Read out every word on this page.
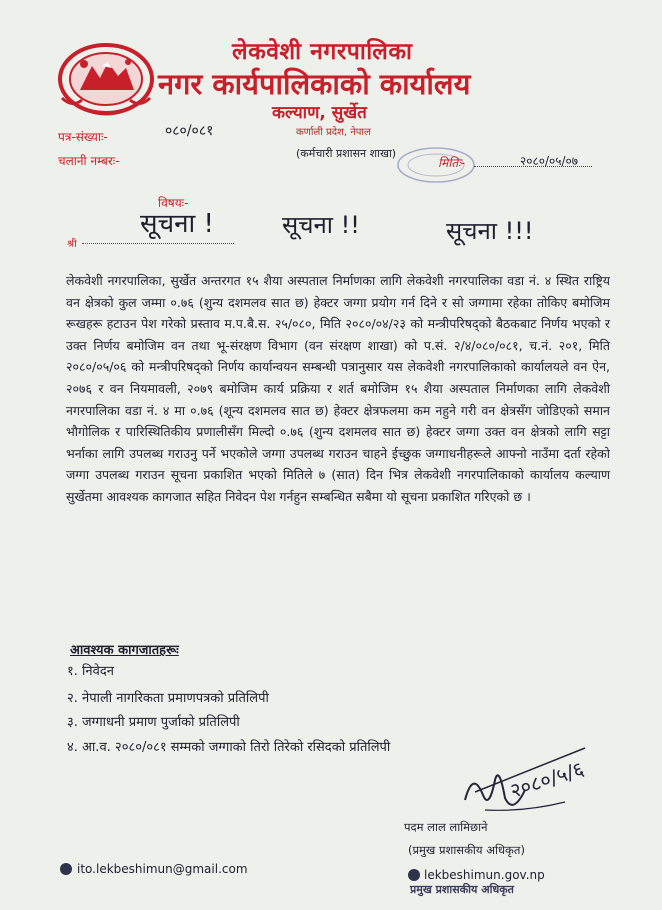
लेकवेशी नगरपालिका
नगर कार्यपालिकाको कार्यालय
कल्याण, सुर्खेत
कर्णाली प्रदेश, नेपाल
पत्र-संख्याः-	०८०/०८१
चलानी नम्बरः-
(कर्मचारी प्रशासन शाखा)
मितिः-	२०८०/०५/०७
विषयः-
सूचना !	सूचना !!	सूचना !!!
श्री
लेकवेशी नगरपालिका, सुर्खेत अन्तरगत १५ शैया अस्पताल निर्माणका लागि लेकवेशी नगरपालिका वडा नं. ४ स्थित राष्ट्रिय वन क्षेत्रको कुल जम्मा ०.७६ (शुन्य दशमलव सात छ) हेक्टर जग्गा प्रयोग गर्न दिने र सो जग्गामा रहेका तोकिए बमोजिम रूखहरू हटाउन पेश गरेको प्रस्ताव म.प.बै.स. २५/०८०, मिति २०८०/०४/२३ को मन्त्रीपरिषद्को बैठकबाट निर्णय भएको र उक्त निर्णय बमोजिम वन तथा भू-संरक्षण विभाग (वन संरक्षण शाखा) को प.सं. २/४/०८०/०८१, च.नं. २०१, मिति २०८०/०५/०६ को मन्त्रीपरिषद्को निर्णय कार्यान्वयन सम्बन्धी पत्रानुसार यस लेकवेशी नगरपालिकाको कार्यालयले वन ऐन, २०७६ र वन नियमावली, २०७९ बमोजिम कार्य प्रक्रिया र शर्त बमोजिम १५ शैया अस्पताल निर्माणका लागि लेकवेशी नगरपालिका वडा नं. ४ मा ०.७६ (शून्य दशमलव सात छ) हेक्टर क्षेत्रफलमा कम नहुने गरी वन क्षेत्रसँग जोडिएको समान भौगोलिक र पारिस्थितिकीय प्रणालीसँग मिल्दो ०.७६ (शुन्य दशमलव सात छ) हेक्टर जग्गा उक्त वन क्षेत्रको लागि सट्टा भर्नाका लागि उपलब्ध गराउनु पर्ने भएकोले जग्गा उपलब्ध गराउन चाहने ईच्छुक जग्गाधनीहरूले आफ्नो नाउँमा दर्ता रहेको जग्गा उपलब्ध गराउन सूचना प्रकाशित भएको मितिले ७ (सात) दिन भित्र लेकवेशी नगरपालिकाको कार्यालय कल्याण सुर्खेतमा आवश्यक कागजात सहित निवेदन पेश गर्नहुन सम्बन्धित सबैमा यो सूचना प्रकाशित गरिएको छ ।
आवश्यक कागजातहरूः
१. निवेदन
२. नेपाली नागरिकता प्रमाणपत्रको प्रतिलिपी
३. जग्गाधनी प्रमाण पुर्जाको प्रतिलिपी
४. आ.व. २०८०/०८१ सम्मको जग्गाको तिरो तिरेको रसिदको प्रतिलिपी
२०८०/५/६
पदम लाल लामिछाने
(प्रमुख प्रशासकीय अधिकृत)
ito.lekbeshimun@gmail.com	lekbeshimun.gov.np
प्रमुख प्रशासकीय अधिकृत
